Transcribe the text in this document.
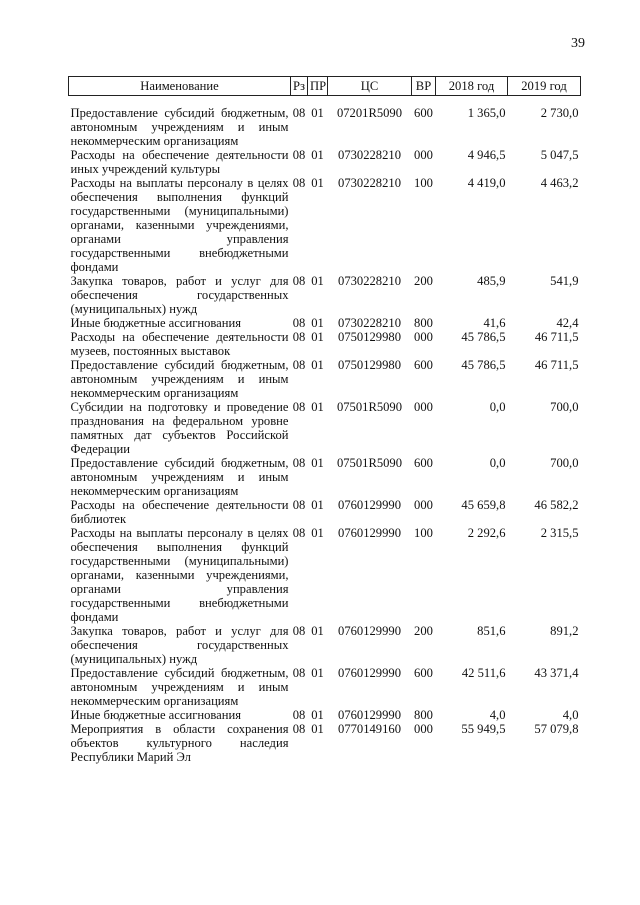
39
Наименование	Рз	ПР	ЦС	ВР	2018 год	2019 год
Предоставление субсидий бюджетным, автономным учреждениям и иным некоммерческим организациям	08	01	07201R5090	600	1 365,0	2 730,0
Расходы на обеспечение деятельности иных учреждений культуры	08	01	0730228210	000	4 946,5	5 047,5
Расходы на выплаты персоналу в целях обеспечения выполнения функций государственными (муниципальными) органами, казенными учреждениями, органами управления государственными внебюджетными фондами	08	01	0730228210	100	4 419,0	4 463,2
Закупка товаров, работ и услуг для обеспечения государственных (муниципальных) нужд	08	01	0730228210	200	485,9	541,9
Иные бюджетные ассигнования	08	01	0730228210	800	41,6	42,4
Расходы на обеспечение деятельности музеев, постоянных выставок	08	01	0750129980	000	45 786,5	46 711,5
Предоставление субсидий бюджетным, автономным учреждениям и иным некоммерческим организациям	08	01	0750129980	600	45 786,5	46 711,5
Субсидии на подготовку и проведение празднования на федеральном уровне памятных дат субъектов Российской Федерации	08	01	07501R5090	000	0,0	700,0
Предоставление субсидий бюджетным, автономным учреждениям и иным некоммерческим организациям	08	01	07501R5090	600	0,0	700,0
Расходы на обеспечение деятельности библиотек	08	01	0760129990	000	45 659,8	46 582,2
Расходы на выплаты персоналу в целях обеспечения выполнения функций государственными (муниципальными) органами, казенными учреждениями, органами управления государственными внебюджетными фондами	08	01	0760129990	100	2 292,6	2 315,5
Закупка товаров, работ и услуг для обеспечения государственных (муниципальных) нужд	08	01	0760129990	200	851,6	891,2
Предоставление субсидий бюджетным, автономным учреждениям и иным некоммерческим организациям	08	01	0760129990	600	42 511,6	43 371,4
Иные бюджетные ассигнования	08	01	0760129990	800	4,0	4,0
Мероприятия в области сохранения объектов культурного наследия Республики Марий Эл	08	01	0770149160	000	55 949,5	57 079,8
